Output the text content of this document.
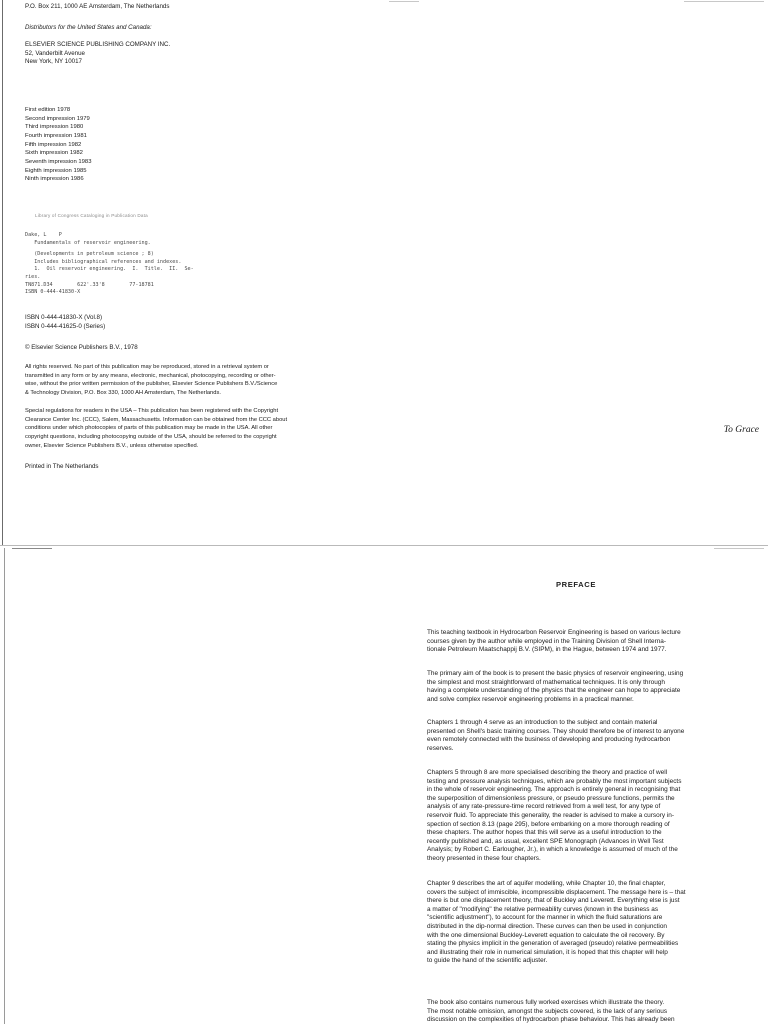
P.O. Box 211, 1000 AE Amsterdam, The Netherlands
Distributors for the United States and Canada:
ELSEVIER SCIENCE PUBLISHING COMPANY INC.
52, Vanderbilt Avenue
New York, NY 10017
First edition 1978
Second impression 1979
Third impression 1980
Fourth impression 1981
Fifth impression 1982
Sixth impression 1982
Seventh impression 1983
Eighth impression 1985
Ninth impression 1986
Library of Congress Cataloging in Publication Data
Dake, L    P
Fundamentals of reservoir engineering.
(Developments in petroleum science ; 8)
Includes bibliographical references and indexes.
1.  Oil reservoir engineering.  I.  Title.  II.  Se-
ries.
TN871.D34        622'.33'8        77-18781
ISBN 0-444-41830-X
ISBN 0-444-41830-X (Vol.8)
ISBN 0-444-41625-0 (Series)
© Elsevier Science Publishers B.V., 1978
All rights reserved. No part of this publication may be reproduced, stored in a retrieval system or
transmitted in any form or by any means, electronic, mechanical, photocopying, recording or other-
wise, without the prior written permission of the publisher, Elsevier Science Publishers B.V./Science
& Technology Division, P.O. Box 330, 1000 AH Amsterdam, The Netherlands.
Special regulations for readers in the USA – This publication has been registered with the Copyright
Clearance Center Inc. (CCC), Salem, Massachusetts. Information can be obtained from the CCC about
conditions under which photocopies of parts of this publication may be made in the USA. All other
copyright questions, including photocopying outside of the USA, should be referred to the copyright
owner, Elsevier Science Publishers B.V., unless otherwise specified.
Printed in The Netherlands
To Grace
PREFACE
This teaching textbook in Hydrocarbon Reservoir Engineering is based on various lecture
courses given by the author while employed in the Training Division of Shell Interna-
tionale Petroleum Maatschappij B.V. (SIPM), in the Hague, between 1974 and 1977.
The primary aim of the book is to present the basic physics of reservoir engineering, using
the simplest and most straightforward of mathematical techniques. It is only through
having a complete understanding of the physics that the engineer can hope to appreciate
and solve complex reservoir engineering problems in a practical manner.
Chapters 1 through 4 serve as an introduction to the subject and contain material
presented on Shell's basic training courses. They should therefore be of interest to anyone
even remotely connected with the business of developing and producing hydrocarbon
reserves.
Chapters 5 through 8 are more specialised describing the theory and practice of well
testing and pressure analysis techniques, which are probably the most important subjects
in the whole of reservoir engineering. The approach is entirely general in recognising that
the superposition of dimensionless pressure, or pseudo pressure functions, permits the
analysis of any rate-pressure-time record retrieved from a well test, for any type of
reservoir fluid. To appreciate this generality, the reader is advised to make a cursory in-
spection of section 8.13 (page 295), before embarking on a more thorough reading of
these chapters. The author hopes that this will serve as a useful introduction to the
recently published and, as usual, excellent SPE Monograph (Advances in Well Test
Analysis; by Robert C. Earlougher, Jr.), in which a knowledge is assumed of much of the
theory presented in these four chapters.
Chapter 9 describes the art of aquifer modelling, while Chapter 10, the final chapter,
covers the subject of immiscible, incompressible displacement. The message here is – that
there is but one displacement theory, that of Buckley and Leverett. Everything else is just
a matter of "modifying" the relative permeability curves (known in the business as
"scientific adjustment"), to account for the manner in which the fluid saturations are
distributed in the dip-normal direction. These curves can then be used in conjunction
with the one dimensional Buckley-Leverett equation to calculate the oil recovery. By
stating the physics implicit in the generation of averaged (pseudo) relative permeabilities
and illustrating their role in numerical simulation, it is hoped that this chapter will help
to guide the hand of the scientific adjuster.
The book also contains numerous fully worked exercises which illustrate the theory.
The most notable omission, amongst the subjects covered, is the lack of any serious
discussion on the complexities of hydrocarbon phase behaviour. This has already been
